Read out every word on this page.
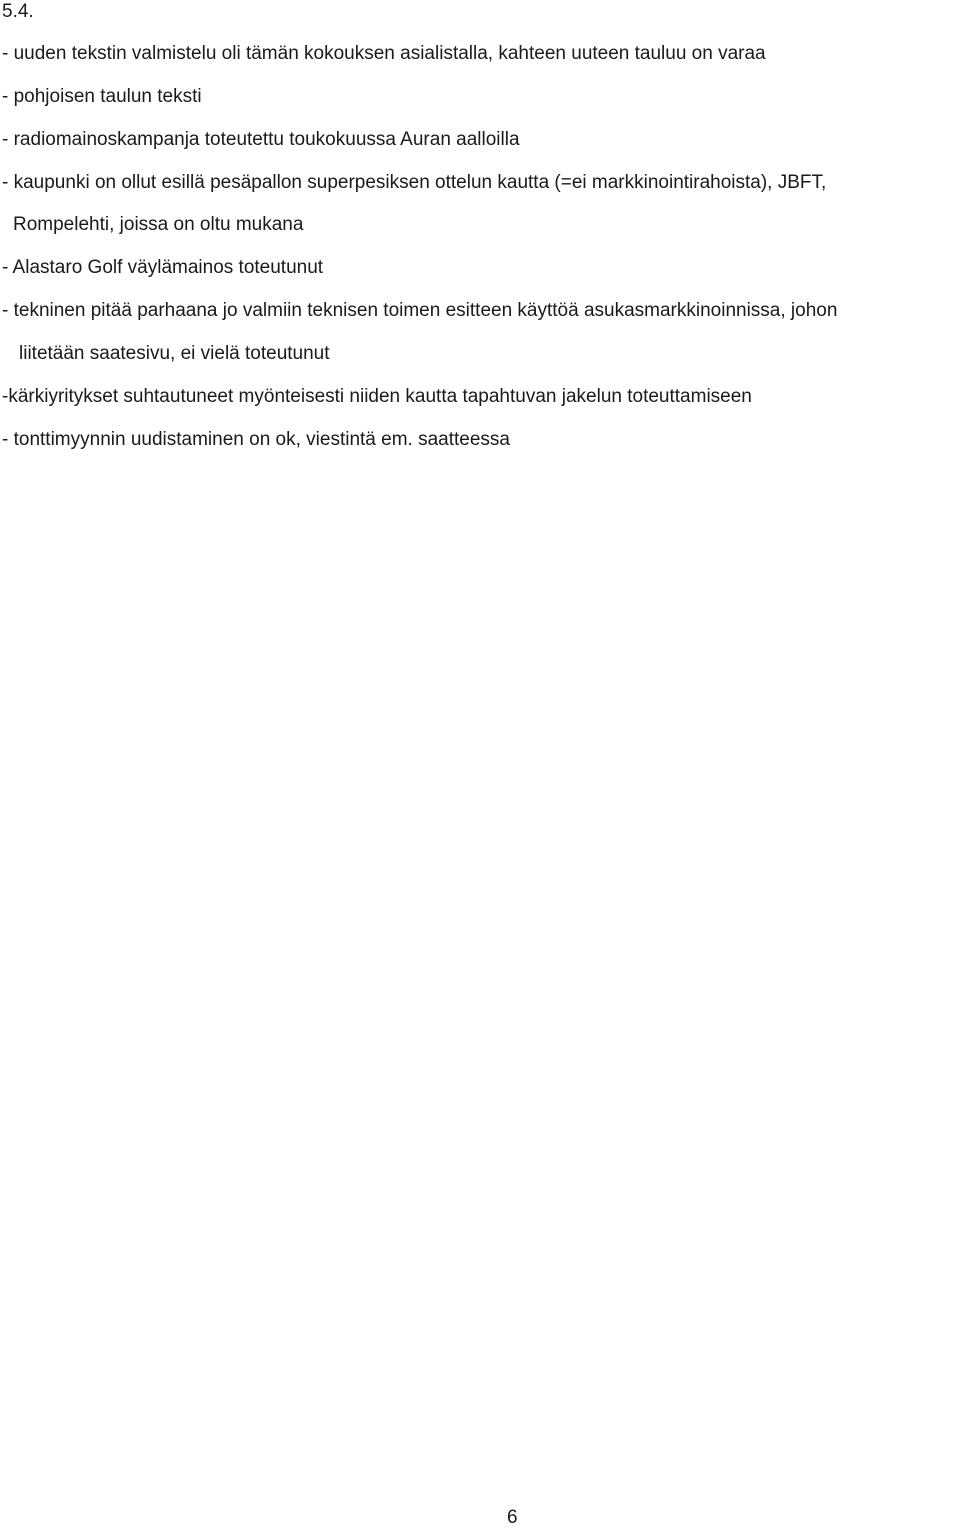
5.4.
- uuden tekstin valmistelu oli tämän kokouksen asialistalla, kahteen uuteen tauluu on varaa
- pohjoisen taulun teksti
- radiomainoskampanja toteutettu toukokuussa Auran aalloilla
- kaupunki on ollut esillä pesäpallon superpesiksen ottelun kautta (=ei markkinointirahoista), JBFT,
Rompelehti, joissa on oltu mukana
- Alastaro Golf väylämainos toteutunut
- tekninen pitää parhaana jo valmiin teknisen toimen esitteen käyttöä asukasmarkkinoinnissa, johon
liitetään saatesivu, ei vielä toteutunut
-kärkiyritykset suhtautuneet myönteisesti niiden kautta tapahtuvan jakelun toteuttamiseen
- tonttimyynnin uudistaminen on ok, viestintä em. saatteessa
6
